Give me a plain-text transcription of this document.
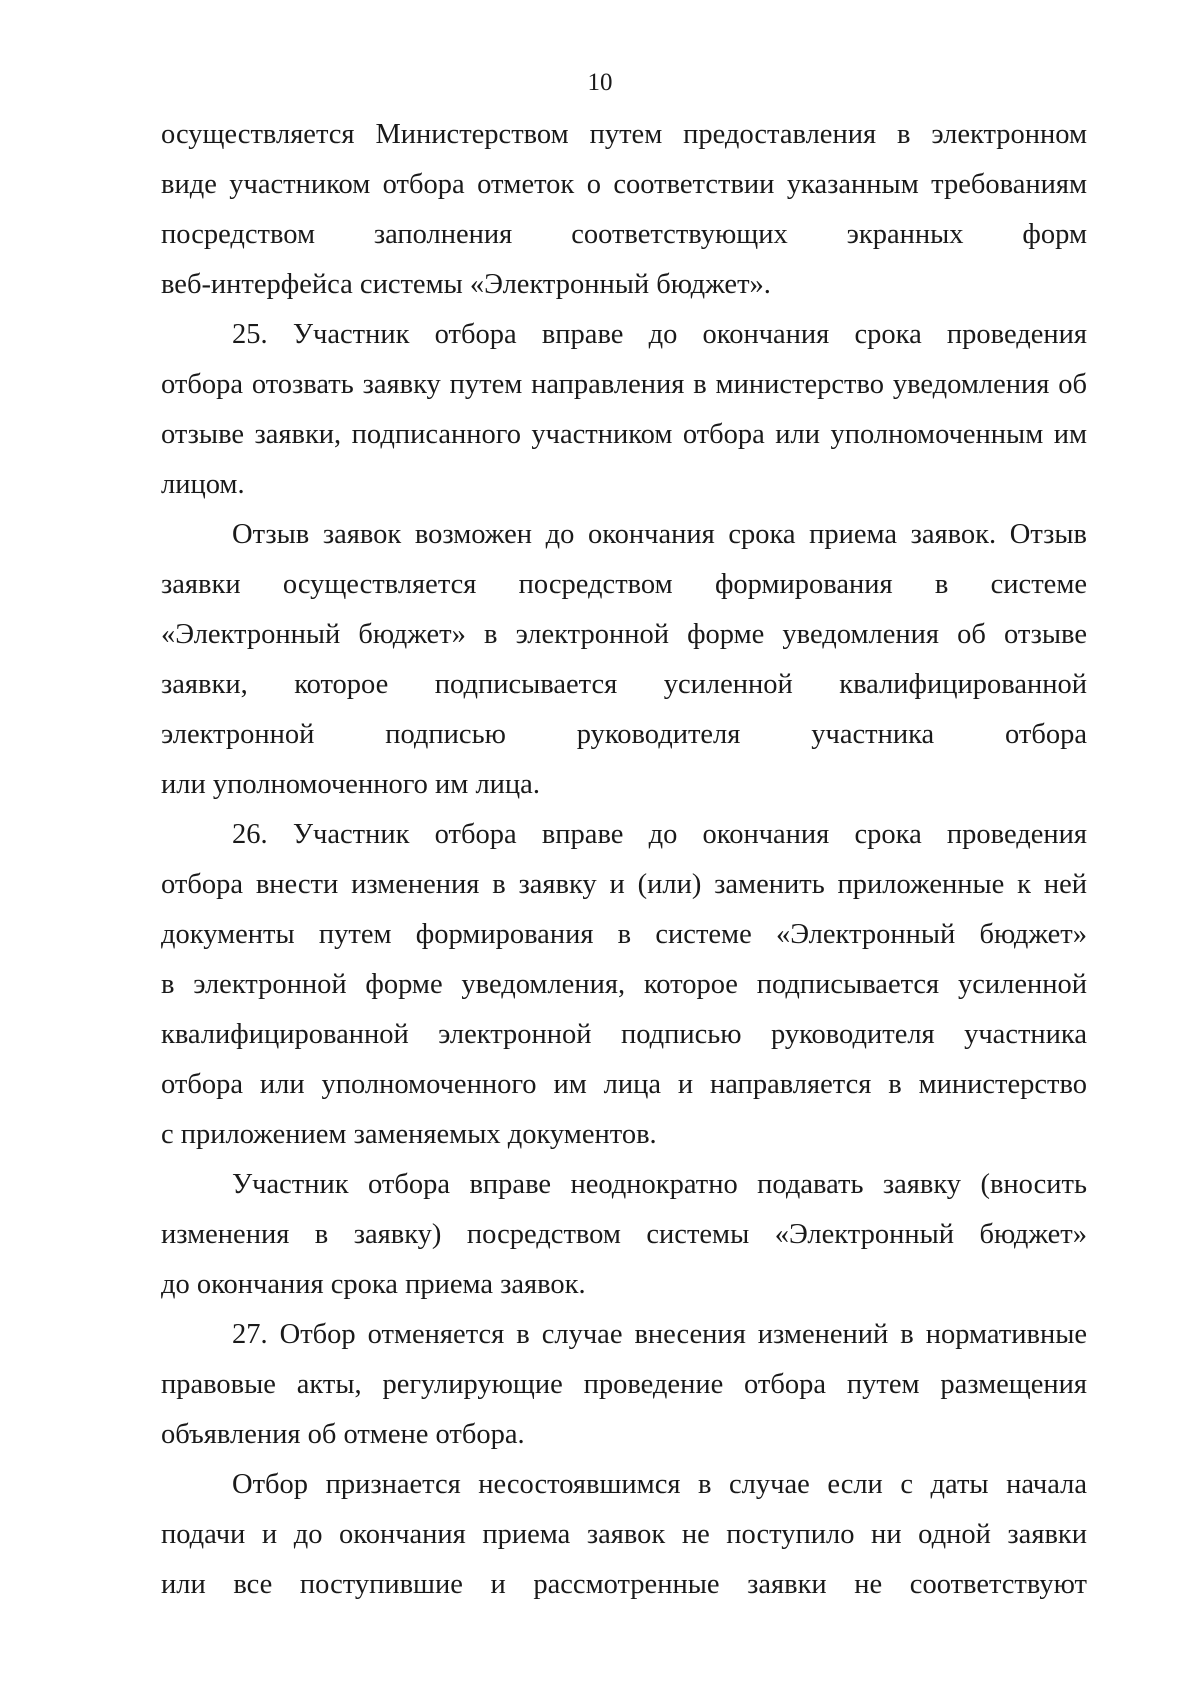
10

осуществляется Министерством путем предоставления в электронном
виде участником отбора отметок о соответствии указанным требованиям
посредством заполнения соответствующих экранных форм
веб-интерфейса системы «Электронный бюджет».

25. Участник отбора вправе до окончания срока проведения
отбора отозвать заявку путем направления в министерство уведомления об
отзыве заявки, подписанного участником отбора или уполномоченным им
лицом.

Отзыв заявок возможен до окончания срока приема заявок. Отзыв
заявки осуществляется посредством формирования в системе
«Электронный бюджет» в электронной форме уведомления об отзыве
заявки, которое подписывается усиленной квалифицированной
электронной подписью руководителя участника отбора
или уполномоченного им лица.

26. Участник отбора вправе до окончания срока проведения
отбора внести изменения в заявку и (или) заменить приложенные к ней
документы путем формирования в системе «Электронный бюджет»
в электронной форме уведомления, которое подписывается усиленной
квалифицированной электронной подписью руководителя участника
отбора или уполномоченного им лица и направляется в министерство
с приложением заменяемых документов.

Участник отбора вправе неоднократно подавать заявку (вносить
изменения в заявку) посредством системы «Электронный бюджет»
до окончания срока приема заявок.

27. Отбор отменяется в случае внесения изменений в нормативные
правовые акты, регулирующие проведение отбора путем размещения
объявления об отмене отбора.

Отбор признается несостоявшимся в случае если с даты начала
подачи и до окончания приема заявок не поступило ни одной заявки
или все поступившие и рассмотренные заявки не соответствуют
